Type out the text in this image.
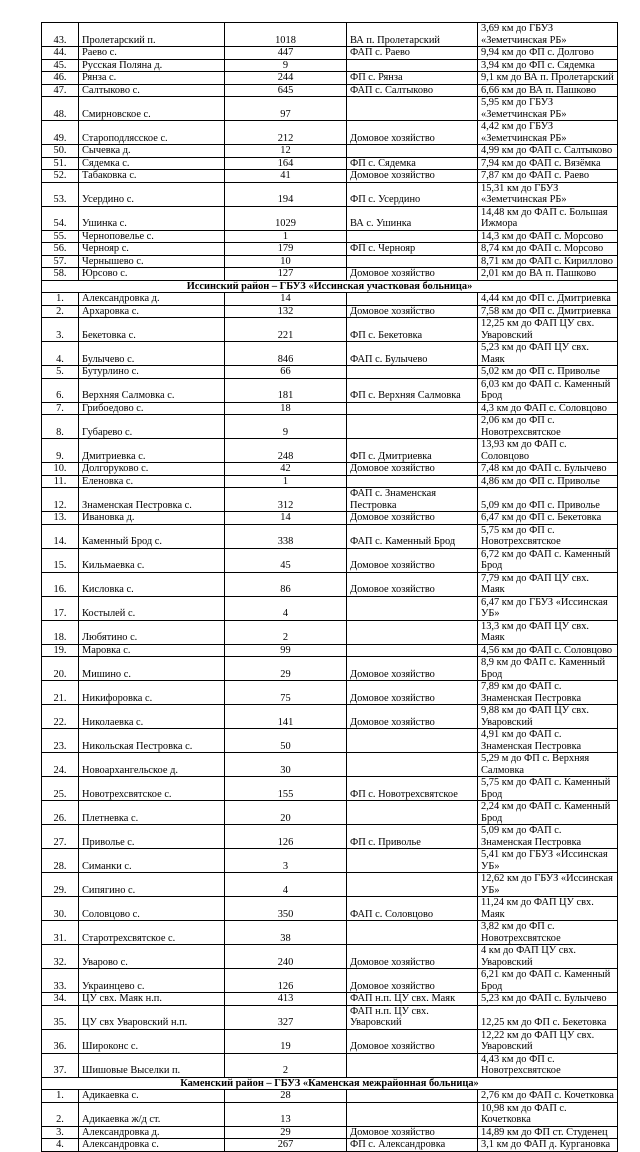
43.	Пролетарский п.	1018	ВА п. Пролетарский	3,69 км до ГБУЗ «Земетчинская РБ»
44.	Раево с.	447	ФАП с. Раево	9,94 км до ФП с. Долгово
45.	Русская Поляна д.	9		3,94 км до ФП с. Сядемка
46.	Рянза с.	244	ФП с. Рянза	9,1 км до ВА п. Пролетарский
47.	Салтыково с.	645	ФАП с. Салтыково	6,66 км до ВА п. Пашково
48.	Смирновское с.	97		5,95 км до ГБУЗ «Земетчинская РБ»
49.	Староподлясское с.	212	Домовое хозяйство	4,42 км до ГБУЗ «Земетчинская РБ»
50.	Сычевка д.	12		4,99 км до ФАП с. Салтыково
51.	Сядемка с.	164	ФП с. Сядемка	7,94 км до ФАП с. Вязёмка
52.	Табаковка с.	41	Домовое хозяйство	7,87 км до ФАП с. Раево
53.	Усердино с.	194	ФП с. Усердино	15,31 км до ГБУЗ «Земетчинская РБ»
54.	Ушинка с.	1029	ВА с. Ушинка	14,48 км до ФАП с. Большая Ижмора
55.	Черноповелье с.	1		14,3 км до ФАП с. Морсово
56.	Чернояр с.	179	ФП с. Чернояр	8,74 км до ФАП с. Морсово
57.	Чернышево с.	10		8,71 км до ФАП с. Кириллово
58.	Юрсово с.	127	Домовое хозяйство	2,01 км до ВА п. Пашково
Иссинский район – ГБУЗ «Иссинская участковая больница»				
1.	Александровка д.	14		4,44 км до ФП с. Дмитриевка
2.	Архаровка с.	132	Домовое хозяйство	7,58 км до ФП с. Дмитриевка
3.	Бекетовка с.	221	ФП с. Бекетовка	12,25 км до ФАП ЦУ свх. Уваровский
4.	Булычево с.	846	ФАП с. Булычево	5,23 км до ФАП ЦУ свх. Маяк
5.	Бутурлино с.	66		5,02 км до ФП с. Приволье
6.	Верхняя Салмовка с.	181	ФП с. Верхняя Салмовка	6,03 км до ФАП с. Каменный Брод
7.	Грибоедово с.	18		4,3 км до ФАП с. Соловцово
8.	Губарево с.	9		2,06 км до ФП с. Новотрехсвятское
9.	Дмитриевка с.	248	ФП с. Дмитриевка	13,93 км до ФАП с. Соловцово
10.	Долгоруково с.	42	Домовое хозяйство	7,48 км до ФАП с. Булычево
11.	Еленовка с.	1		4,86 км до ФП с. Приволье
12.	Знаменская Пестровка с.	312	ФАП с. Знаменская Пестровка	5,09 км до ФП с. Приволье
13.	Ивановка д.	14	Домовое хозяйство	6,47 км до ФП с. Бекетовка
14.	Каменный Брод с.	338	ФАП с. Каменный Брод	5,75 км до ФП с. Новотрехсвятское
15.	Кильмаевка с.	45	Домовое хозяйство	6,72 км до ФАП с. Каменный Брод
16.	Кисловка с.	86	Домовое хозяйство	7,79 км до ФАП ЦУ свх. Маяк
17.	Костылей с.	4		6,47 км до ГБУЗ «Иссинская УБ»
18.	Любятино с.	2		13,3 км до ФАП ЦУ свх. Маяк
19.	Маровка с.	99		4,56 км до ФАП с. Соловцово
20.	Мишино с.	29	Домовое хозяйство	8,9 км до ФАП с. Каменный Брод
21.	Никифоровка с.	75	Домовое хозяйство	7,89 км до ФАП с. Знаменская Пестровка
22.	Николаевка с.	141	Домовое хозяйство	9,88 км до ФАП ЦУ свх. Уваровский
23.	Никольская Пестровка с.	50		4,91 км до ФАП с. Знаменская Пестровка
24.	Новоархангельское д.	30		5,29 м до ФП с. Верхняя Салмовка
25.	Новотрехсвятское с.	155	ФП с. Новотрехсвятское	5,75 км до ФАП с. Каменный Брод
26.	Плетневка с.	20		2,24 км до ФАП с. Каменный Брод
27.	Приволье с.	126	ФП с. Приволье	5,09 км до ФАП с. Знаменская Пестровка
28.	Симанки с.	3		5,41 км до ГБУЗ «Иссинская УБ»
29.	Сипягино с.	4		12,62 км до ГБУЗ «Иссинская УБ»
30.	Соловцово с.	350	ФАП с. Соловцово	11,24 км до ФАП ЦУ свх. Маяк
31.	Старотрехсвятское с.	38		3,82 км до ФП с. Новотрехсвятское
32.	Уварово с.	240	Домовое хозяйство	4 км до ФАП ЦУ свх. Уваровский
33.	Украинцево с.	126	Домовое хозяйство	6,21 км до ФАП с. Каменный Брод
34.	ЦУ свх. Маяк н.п.	413	ФАП н.п. ЦУ свх. Маяк	5,23 км до ФАП с. Булычево
35.	ЦУ свх Уваровский н.п.	327	ФАП н.п. ЦУ свх. Уваровский	12,25 км до ФП с. Бекетовка
36.	Широконс с.	19	Домовое хозяйство	12,22 км до ФАП ЦУ свх. Уваровский
37.	Шишовые Выселки п.	2		4,43 км до ФП с. Новотрехсвятское
Каменский район – ГБУЗ «Каменская межрайонная больница»				
1.	Адикаевка с.	28		2,76 км до ФАП с. Кочетковка
2.	Адикаевка ж/д ст.	13		10,98 км до ФАП с. Кочетковка
3.	Александровка д.	29	Домовое хозяйство	14,89 км до ФП ст. Студенец
4.	Александровка с.	267	ФП с. Александровка	3,1 км до ФАП д. Кургановка
